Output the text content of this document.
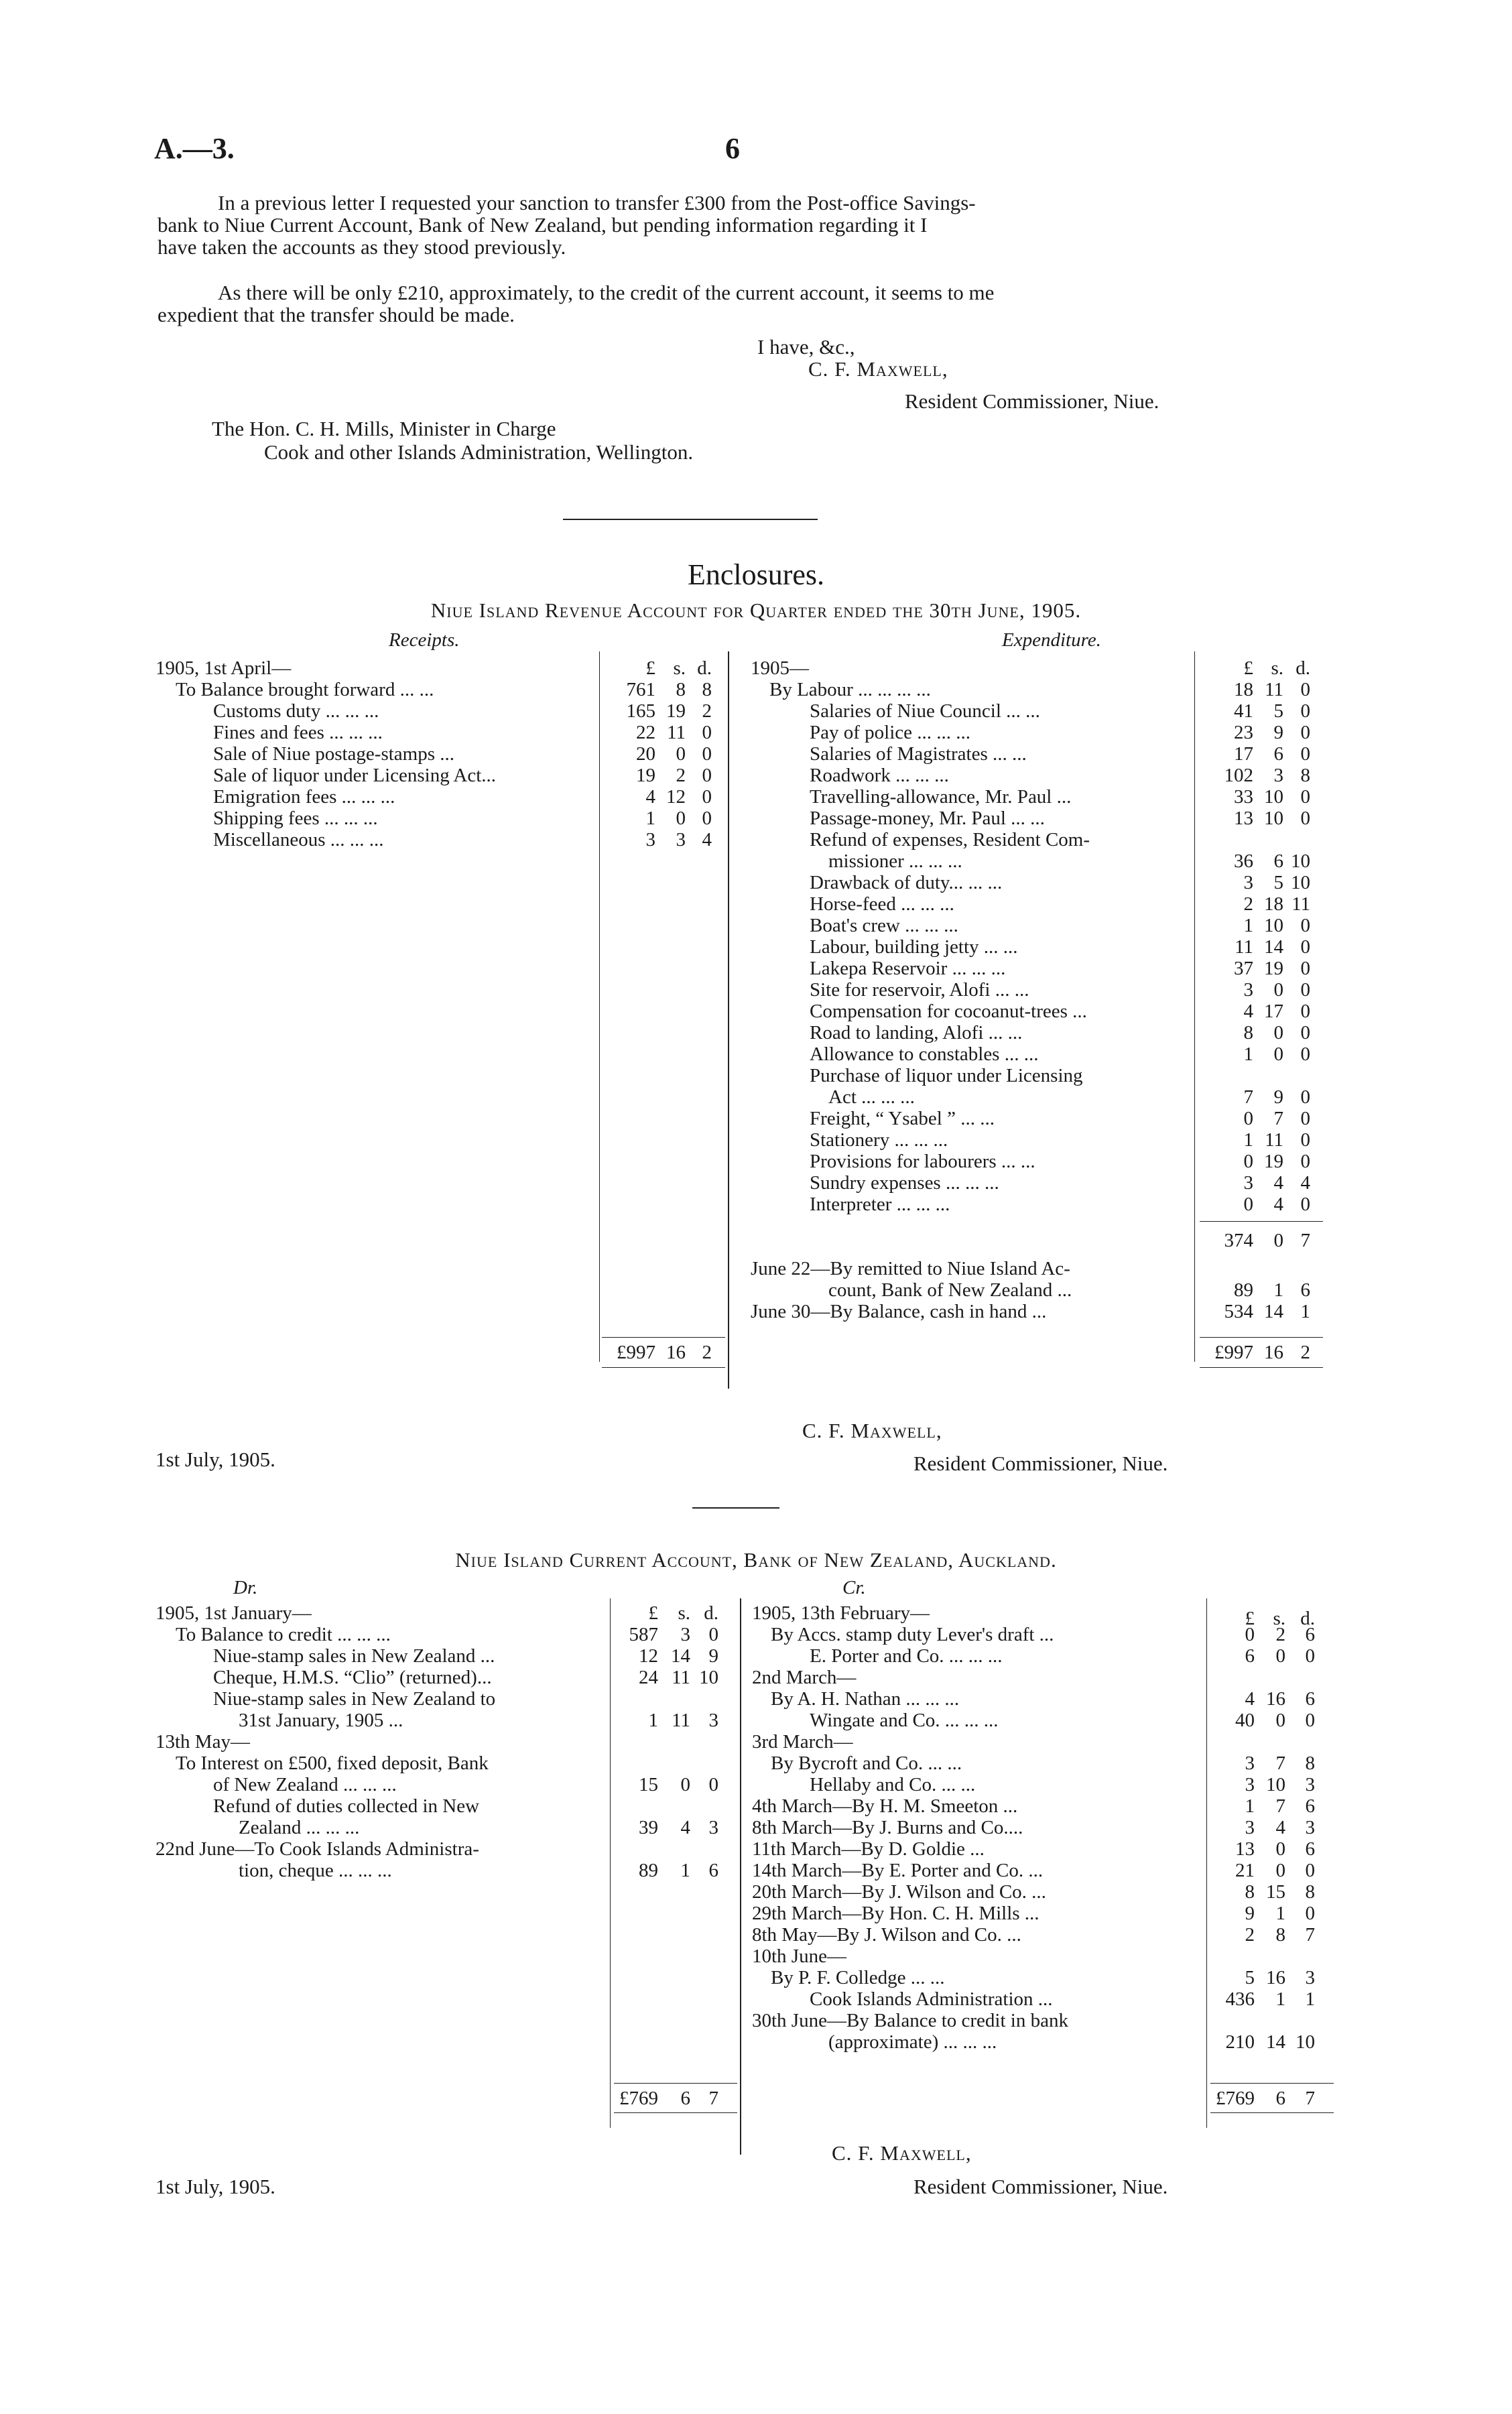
A.—3.	6
In a previous letter I requested your sanction to transfer £300 from the Post-office Savings-
bank to Niue Current Account, Bank of New Zealand, but pending information regarding it I
have taken the accounts as they stood previously.
As there will be only £210, approximately, to the credit of the current account, it seems to me
expedient that the transfer should be made.
I have, &c.,
C. F. Maxwell,
Resident Commissioner, Niue.
The Hon. C. H. Mills, Minister in Charge
Cook and other Islands Administration, Wellington.
Enclosures.
Niue Island Revenue Account for Quarter ended the 30th June, 1905.
Receipts.	Expenditure.
1905, 1st April—	£ s. d.
To Balance brought forward ... ...	761	8 8
Customs duty ... ... ...	165 19 2
Fines and fees ... ... ...	22 11 0
Sale of Niue postage-stamps ...	20	0 0
Sale of liquor under Licensing Act...	19	2 0
Emigration fees ... ... ...	4 12 0
Shipping fees ... ... ...	1	0 0
Miscellaneous ... ... ...	3	3 4
£997 16 2
1905—	£ s. d.
By Labour ... ... ... ...	18 11 0
Salaries of Niue Council ... ...	41	5 0
Pay of police ... ... ...	23	9 0
Salaries of Magistrates ... ...	17	6 0
Roadwork ... ... ...	102	3 8
Travelling-allowance, Mr. Paul ...	33 10 0
Passage-money, Mr. Paul ... ...	13 10 0
Refund of expenses, Resident Com-
missioner ... ... ...	36	6 10
Drawback of duty... ... ...	3	5 10
Horse-feed ... ... ...	2 18 11
Boat's crew ... ... ...	1 10 0
Labour, building jetty ... ...	11 14 0
Lakepa Reservoir ... ... ...	37 19 0
Site for reservoir, Alofi ... ...	3	0 0
Compensation for cocoanut-trees ...	4 17 0
Road to landing, Alofi ... ...	8	0 0
Allowance to constables ... ...	1	0 0
Purchase of liquor under Licensing
Act ... ... ...	7	9 0
Freight, “ Ysabel ” ... ...	0	7 0
Stationery ... ... ...	1 11 0
Provisions for labourers ... ...	0 19 0
Sundry expenses ... ... ...	3	4 4
Interpreter ... ... ...	0	4 0
374	0 7
June 22—By remitted to Niue Island Ac-
count, Bank of New Zealand ...	89	1 6
June 30—By Balance, cash in hand ...	534 14 1
£997 16 2
1st July, 1905.
C. F. Maxwell,
Resident Commissioner, Niue.
Niue Island Current Account, Bank of New Zealand, Auckland.
Dr.	Cr.
£	s. d.
1905, 1st January—
To Balance to credit ... ... ...	587	3 0
Niue-stamp sales in New Zealand ...	12 14 9
Cheque, H.M.S. “Clio” (returned)...	24 11 10
Niue-stamp sales in New Zealand to
31st January, 1905 ...	1 11 3
13th May—
To Interest on £500, fixed deposit, Bank
of New Zealand ... ... ...	15	0 0
Refund of duties collected in New
Zealand ... ... ...	39	4 3
22nd June—To Cook Islands Administra-
tion, cheque ... ... ...	89	1 6
£769	6 7
£ s. d.
1905, 13th February—
By Accs. stamp duty Lever's draft ...	0	2	6
E. Porter and Co. ... ... ...	6	0	0
2nd March—
By A. H. Nathan ... ... ...	4 16	6
Wingate and Co. ... ... ...	40	0	0
3rd March—
By Bycroft and Co. ... ...	3	7	8
Hellaby and Co. ... ...	3 10	3
4th March—By H. M. Smeeton ...	1	7	6
8th March—By J. Burns and Co....	3	4	3
11th March—By D. Goldie ...	13	0	6
14th March—By E. Porter and Co. ...	21	0	0
20th March—By J. Wilson and Co. ...	8 15	8
29th March—By Hon. C. H. Mills ...	9	1	0
8th May—By J. Wilson and Co. ...	2	8	7
10th June—
By P. F. Colledge ... ...	5 16	3
Cook Islands Administration ...	436	1	1
30th June—By Balance to credit in bank
(approximate) ... ... ...	210 14 10
£769	6	7
1st July, 1905.
C. F. Maxwell,
Resident Commissioner, Niue.
